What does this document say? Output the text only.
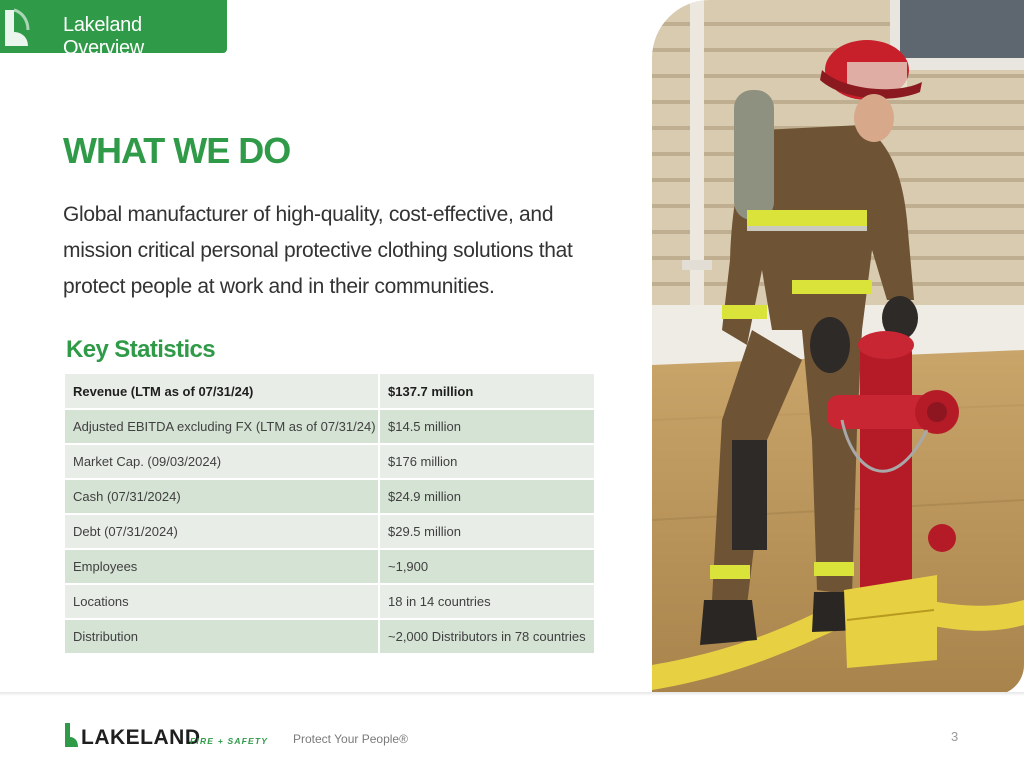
Lakeland Overview
WHAT WE DO

Global manufacturer of high-quality, cost-effective, and mission critical personal protective clothing solutions that protect people at work and in their communities.

Key Statistics
Revenue (LTM as of 07/31/24)	$137.7 million
Adjusted EBITDA excluding FX (LTM as of 07/31/24)	$14.5 million
Market Cap. (09/03/2024)	$176 million
Cash (07/31/2024)	$24.9 million
Debt (07/31/2024)	$29.5 million
Employees	~1,900
Locations	18 in 14 countries
Distribution	~2,000 Distributors in 78 countries
LAKELAND
FIRE + SAFETY Protect Your People®	3
